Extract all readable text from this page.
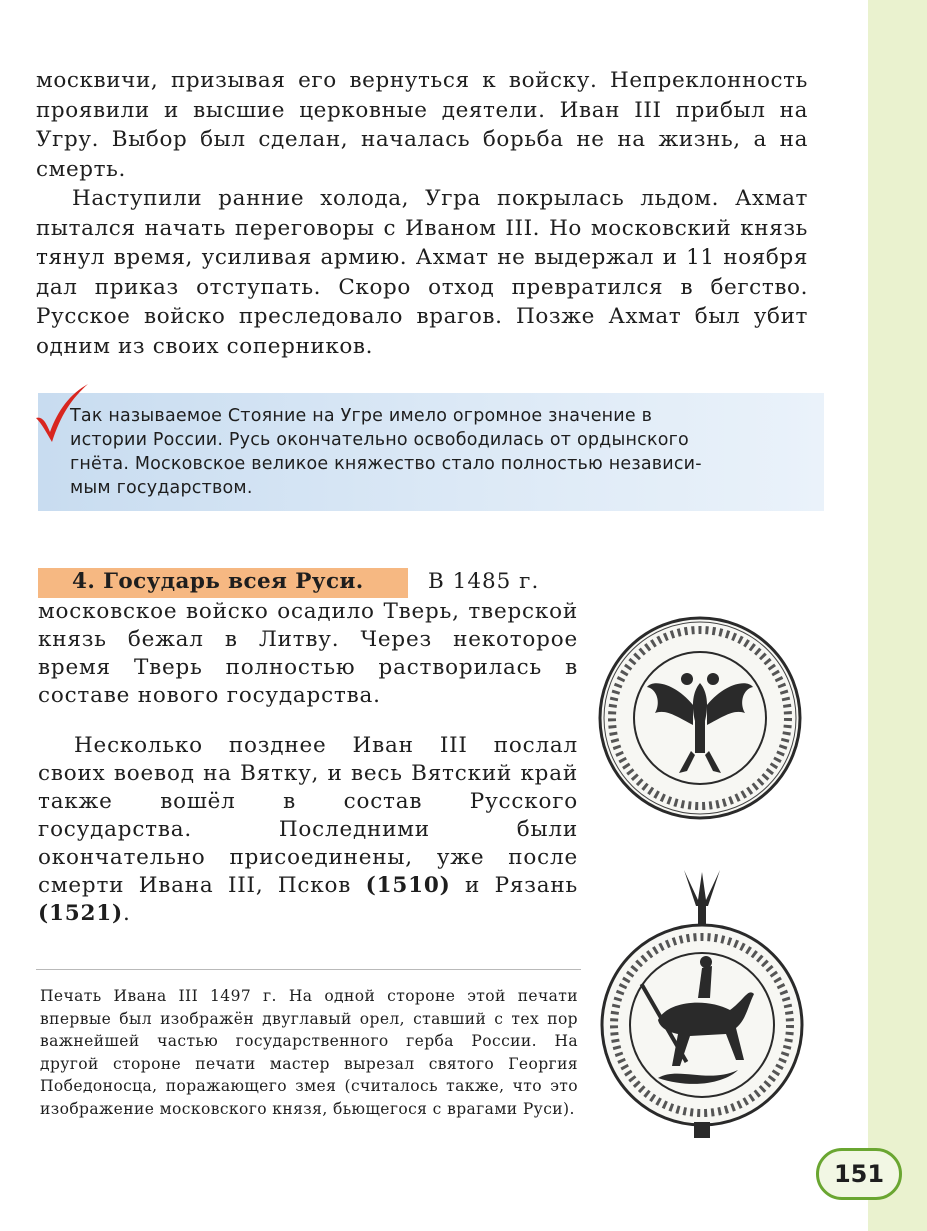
москвичи, призывая его вернуться к войску. Непреклонность проявили и высшие церковные деятели. Иван III прибыл на Угру. Выбор был сделан, началась борьба не на жизнь, а на смерть.

Наступили ранние холода, Угра покрылась льдом. Ахмат пытался начать переговоры с Иваном III. Но московский князь тянул время, усиливая армию. Ахмат не выдержал и 11 ноября дал приказ отступать. Скоро отход превратился в бегство. Русское войско преследовало врагов. Позже Ахмат был убит одним из своих соперников.

Так называемое Стояние на Угре имело огромное значение в
истории России. Русь окончательно освободилась от ордынского
гнёта. Московское великое княжество стало полностью независи-
мым государством.

4. Государь всея Руси.	В 1485 г.

московское войско осадило Тверь, тверской князь бежал в Литву. Через некоторое время Тверь полностью растворилась в составе нового государства.

Несколько позднее Иван III послал своих воевод на Вятку, и весь Вятский край также вошёл в состав Русского государства. Последними были окончательно присоединены, уже после смерти Ивана III, Псков (1510) и Рязань (1521).

Печать Ивана III 1497 г. На одной стороне этой печати впервые был изображён двуглавый орел, ставший с тех пор важнейшей частью государственного герба России. На другой стороне печати мастер вырезал святого Георгия Победоносца, поражающего змея (считалось также, что это изображение московского князя, бьющегося с врагами Руси).

151
